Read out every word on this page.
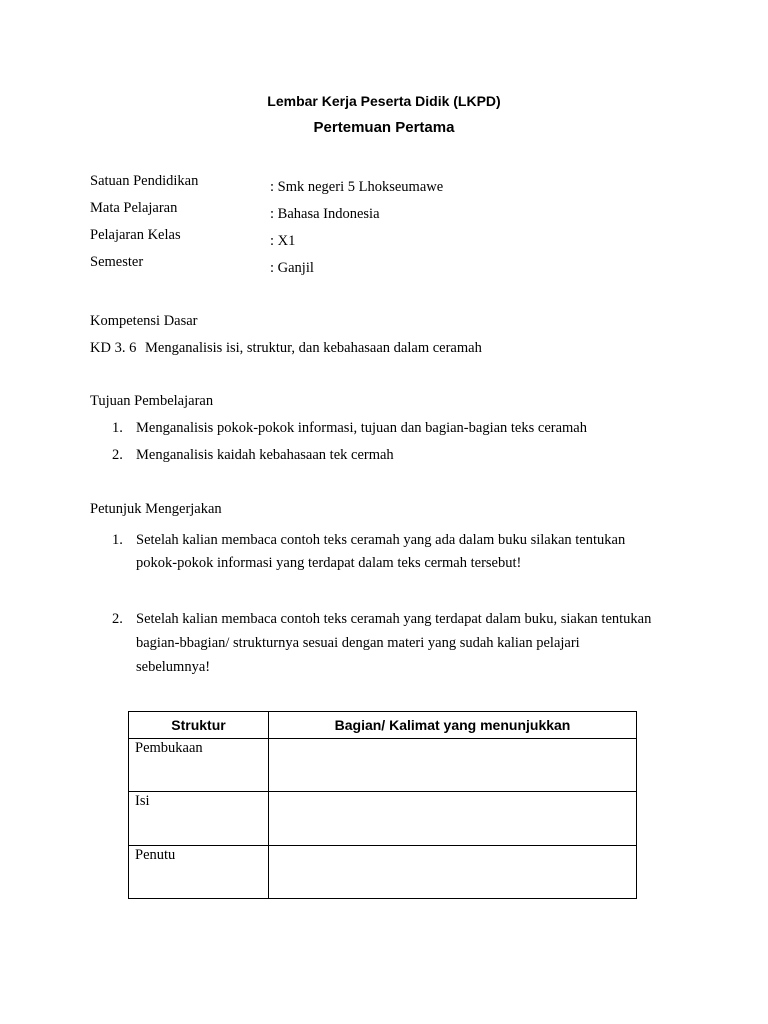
Lembar Kerja Peserta Didik (LKPD)
Pertemuan Pertama
Satuan Pendidikan	: Smk negeri 5 Lhokseumawe
Mata Pelajaran	: Bahasa Indonesia
Pelajaran Kelas	: X1
Semester	: Ganjil
Kompetensi Dasar
KD 3. 6 Menganalisis isi, struktur, dan kebahasaan dalam ceramah
Tujuan Pembelajaran
1. Menganalisis pokok-pokok informasi, tujuan dan bagian-bagian teks ceramah
2. Menganalisis kaidah kebahasaan tek cermah
Petunjuk Mengerjakan
1. Setelah kalian membaca contoh teks ceramah yang ada dalam buku silakan tentukan
pokok-pokok informasi yang terdapat dalam teks cermah tersebut!
2. Setelah kalian membaca contoh teks ceramah yang terdapat dalam buku, siakan tentukan
bagian-bbagian/ strukturnya sesuai dengan materi yang sudah kalian pelajari
sebelumnya!
Struktur	Bagian/ Kalimat yang menunjukkan
Pembukaan	
Isi	
Penutu	
